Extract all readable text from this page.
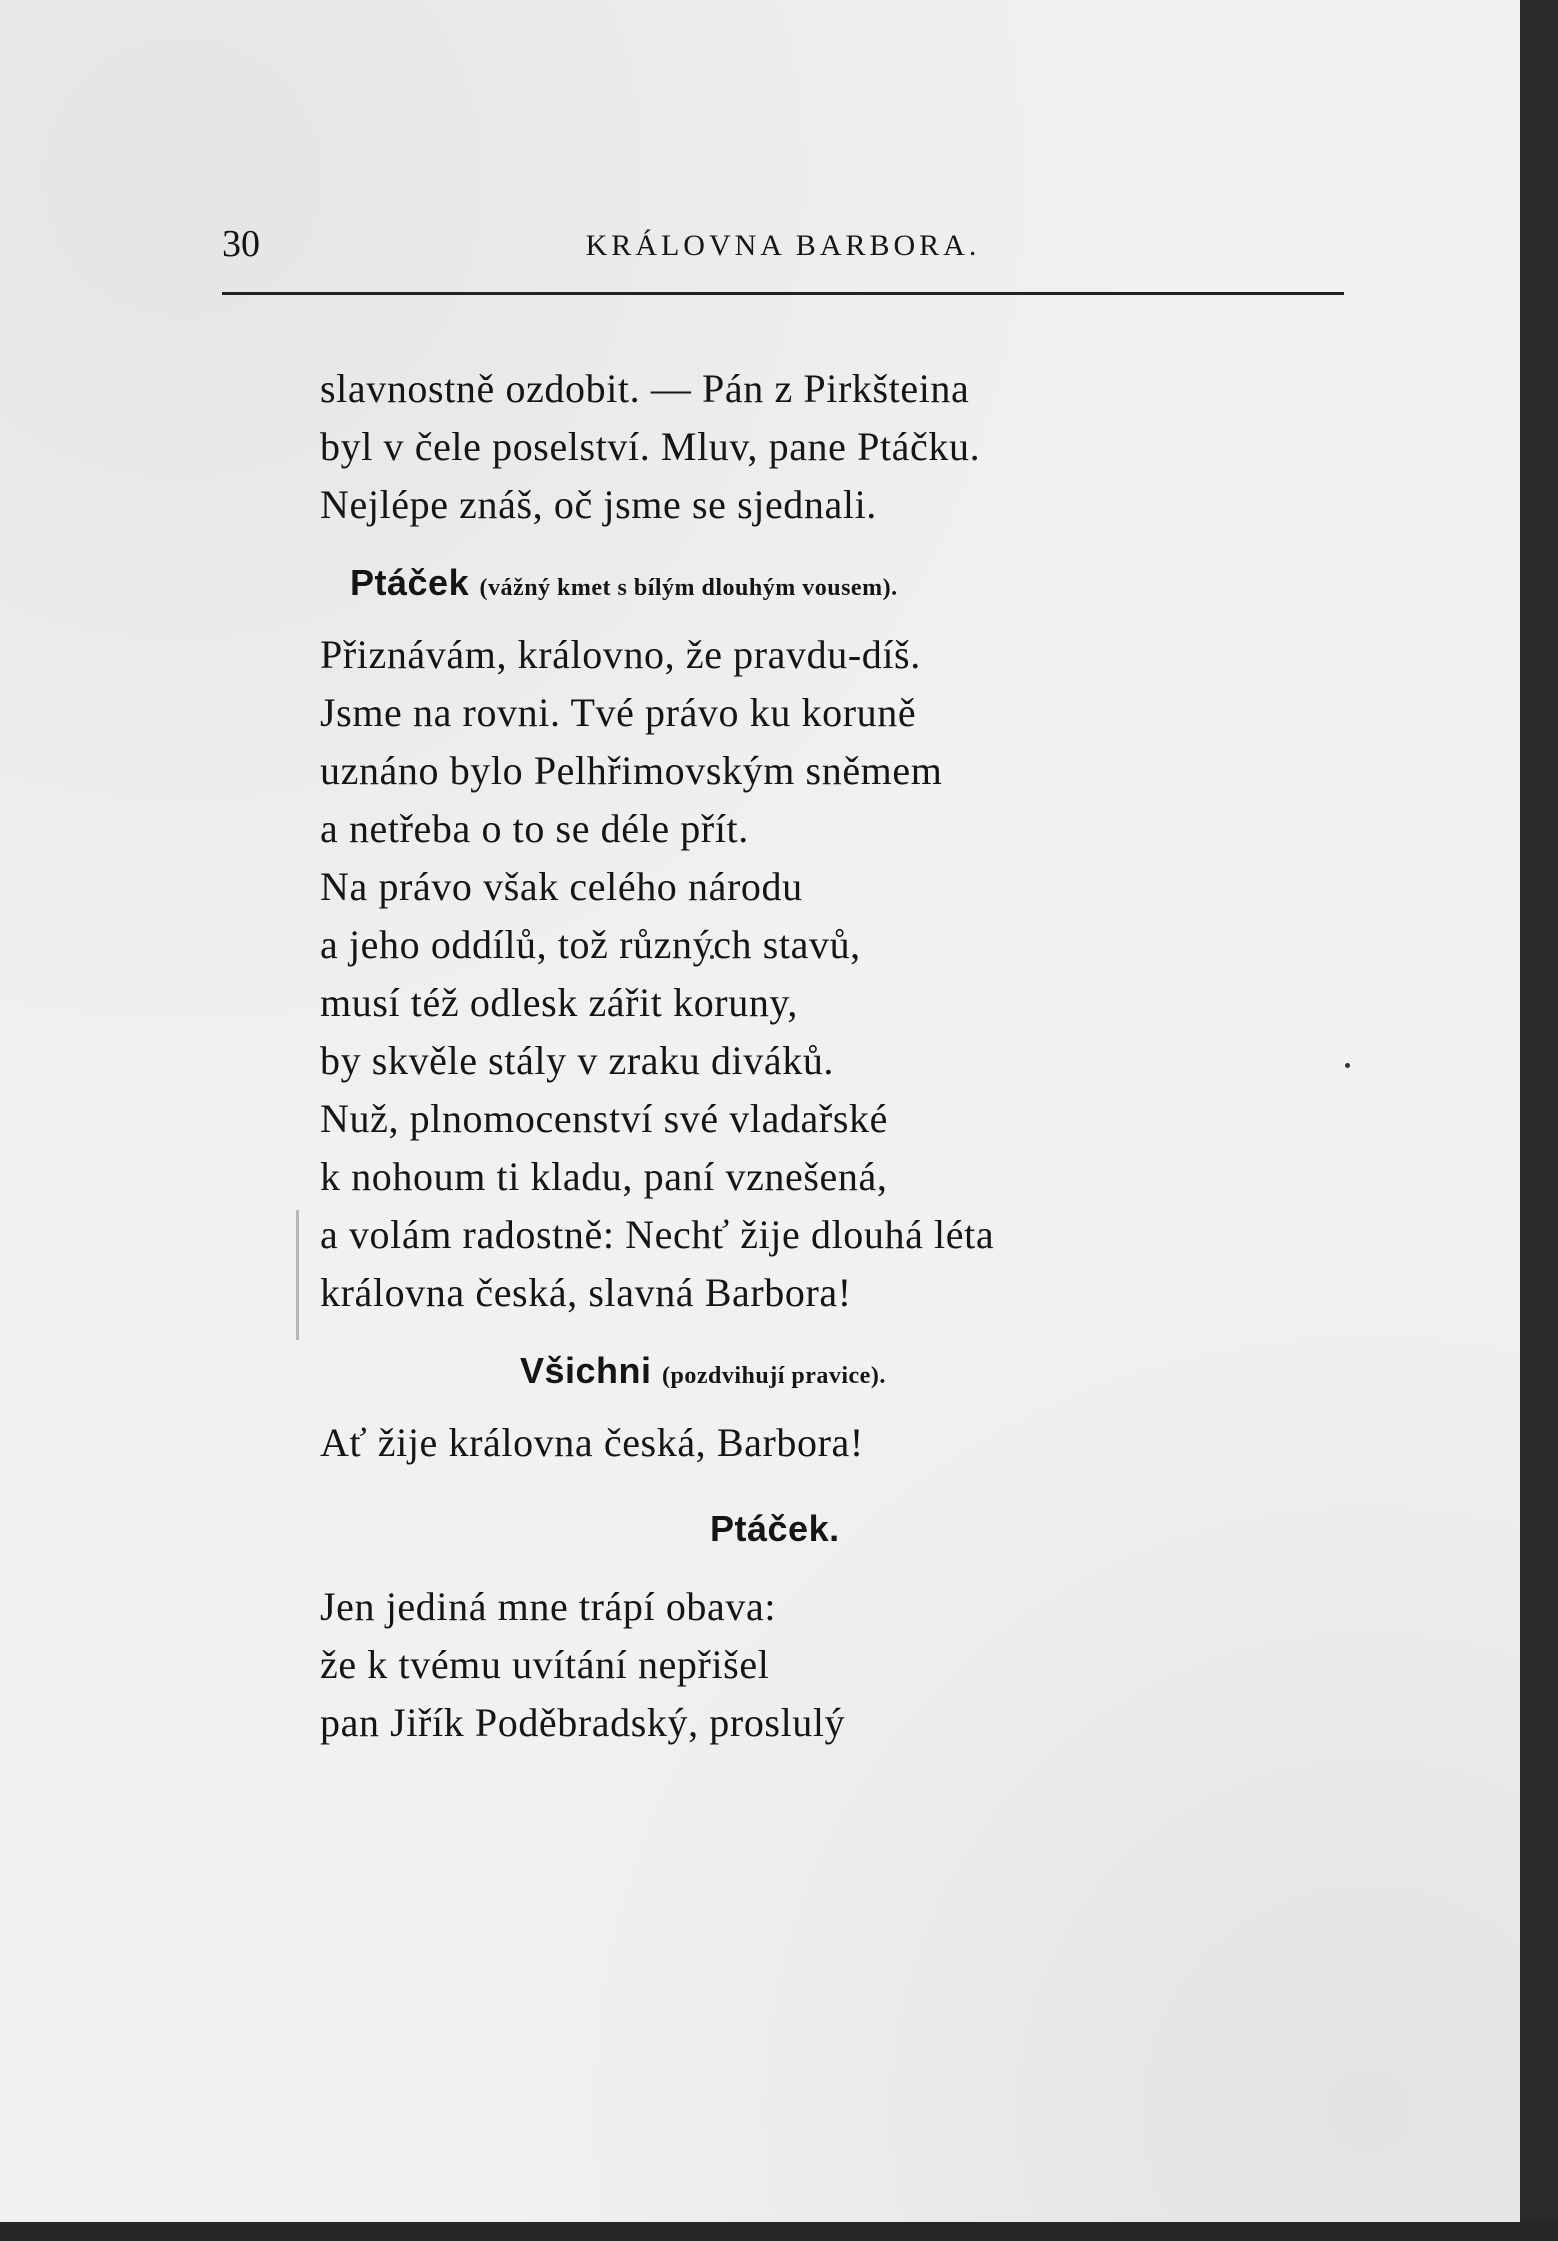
30	KRÁLOVNA BARBORA.
slavnostně ozdobit. — Pán z Pirkšteina
byl v čele poselství. Mluv, pane Ptáčku.
Nejlépe znáš, oč jsme se sjednali.
Ptáček (vážný kmet s bílým dlouhým vousem).
Přiznávám, královno, že pravdu-díš.
Jsme na rovni. Tvé právo ku koruně
uznáno bylo Pelhřimovským sněmem
a netřeba o to se déle přít.
Na právo však celého národu
a jeho oddílů, tož různých stavů,
musí též odlesk zářit koruny,
by skvěle stály v zraku diváků.
Nuž, plnomocenství své vladařské
k nohoum ti kladu, paní vznešená,
a volám radostně: Nechť žije dlouhá léta
královna česká, slavná Barbora!
Všichni (pozdvihují pravice).
Ať žije královna česká, Barbora!
Ptáček.
Jen jediná mne trápí obava:
že k tvému uvítání nepřišel
pan Jiřík Poděbradský, proslulý
